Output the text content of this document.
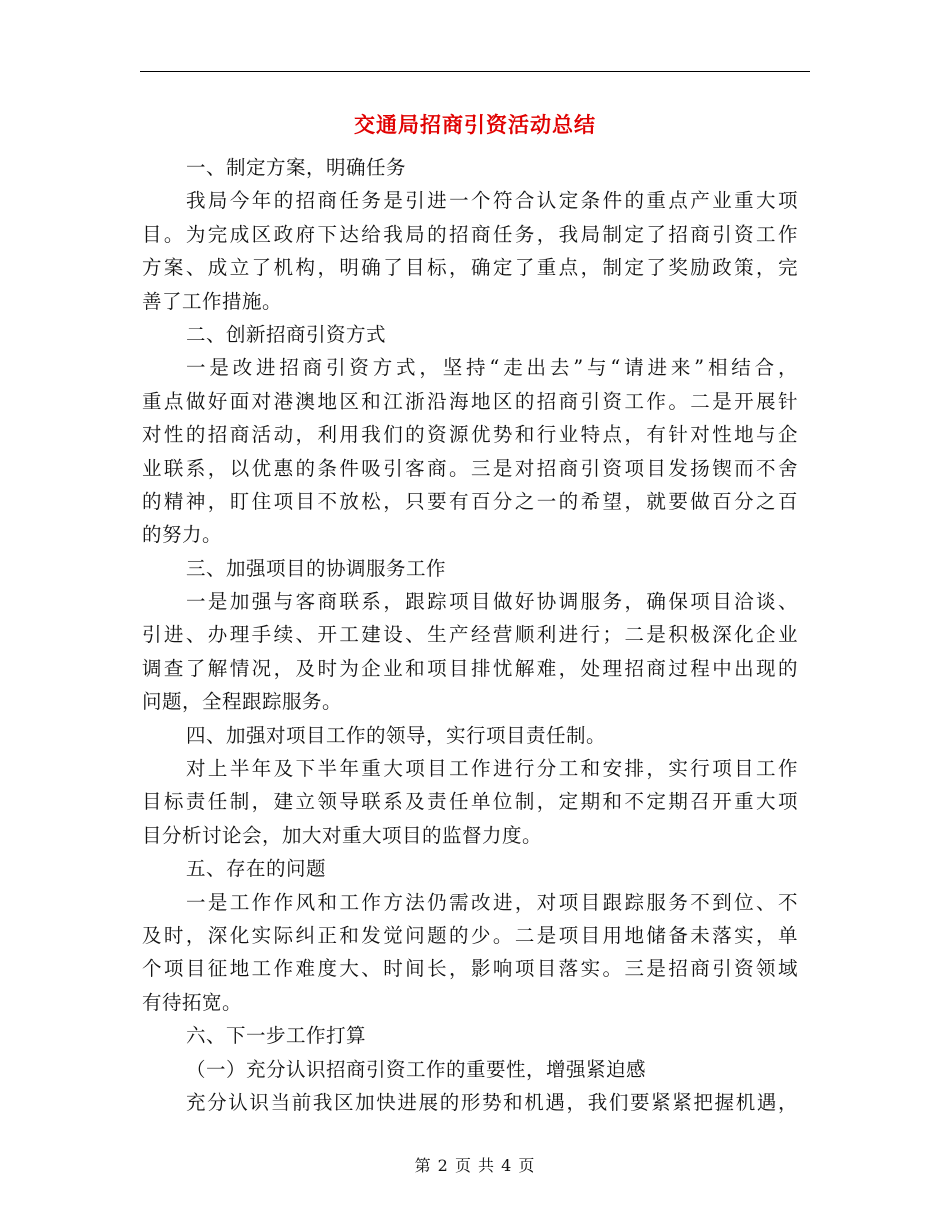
交通局招商引资活动总结
一、制定方案，明确任务
我局今年的招商任务是引进一个符合认定条件的重点产业重大项
目。为完成区政府下达给我局的招商任务，我局制定了招商引资工作
方案、成立了机构，明确了目标，确定了重点，制定了奖励政策，完
善了工作措施。
二、创新招商引资方式
一是改进招商引资方式，坚持“走出去”与“请进来”相结合，
重点做好面对港澳地区和江浙沿海地区的招商引资工作。二是开展针
对性的招商活动，利用我们的资源优势和行业特点，有针对性地与企
业联系，以优惠的条件吸引客商。三是对招商引资项目发扬锲而不舍
的精神，盯住项目不放松，只要有百分之一的希望，就要做百分之百
的努力。
三、加强项目的协调服务工作
一是加强与客商联系，跟踪项目做好协调服务，确保项目洽谈、
引进、办理手续、开工建设、生产经营顺利进行；二是积极深化企业
调查了解情况，及时为企业和项目排忧解难，处理招商过程中出现的
问题，全程跟踪服务。
四、加强对项目工作的领导，实行项目责任制。
对上半年及下半年重大项目工作进行分工和安排，实行项目工作
目标责任制，建立领导联系及责任单位制，定期和不定期召开重大项
目分析讨论会，加大对重大项目的监督力度。
五、存在的问题
一是工作作风和工作方法仍需改进，对项目跟踪服务不到位、不
及时，深化实际纠正和发觉问题的少。二是项目用地储备未落实，单
个项目征地工作难度大、时间长，影响项目落实。三是招商引资领域
有待拓宽。
六、下一步工作打算
（一）充分认识招商引资工作的重要性，增强紧迫感
充分认识当前我区加快进展的形势和机遇，我们要紧紧把握机遇，
第 2 页 共 4 页
